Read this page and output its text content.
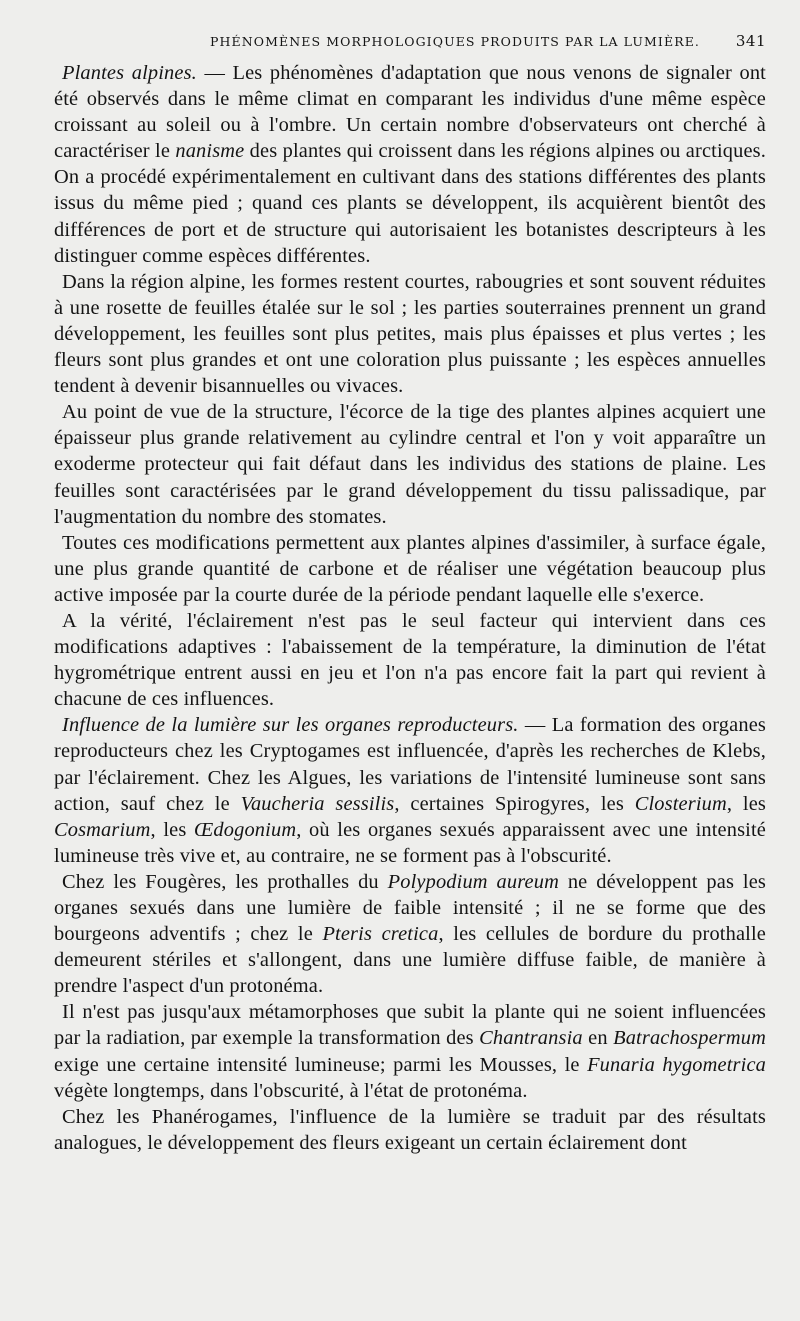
PHÉNOMÈNES MORPHOLOGIQUES PRODUITS PAR LA LUMIÈRE. 341

Plantes alpines. — Les phénomènes d'adaptation que nous venons de signaler ont été observés dans le même climat en comparant les individus d'une même espèce croissant au soleil ou à l'ombre. Un certain nombre d'observateurs ont cherché à caractériser le nanisme des plantes qui croissent dans les régions alpines ou arctiques. On a procédé expérimentalement en cultivant dans des stations différentes des plants issus du même pied ; quand ces plants se développent, ils acquièrent bientôt des différences de port et de structure qui autorisaient les botanistes descripteurs à les distinguer comme espèces différentes.

Dans la région alpine, les formes restent courtes, rabougries et sont souvent réduites à une rosette de feuilles étalée sur le sol ; les parties souterraines prennent un grand développement, les feuilles sont plus petites, mais plus épaisses et plus vertes ; les fleurs sont plus grandes et ont une coloration plus puissante ; les espèces annuelles tendent à devenir bisannuelles ou vivaces.

Au point de vue de la structure, l'écorce de la tige des plantes alpines acquiert une épaisseur plus grande relativement au cylindre central et l'on y voit apparaître un exoderme protecteur qui fait défaut dans les individus des stations de plaine. Les feuilles sont caractérisées par le grand développement du tissu palissadique, par l'augmentation du nombre des stomates.

Toutes ces modifications permettent aux plantes alpines d'assimiler, à surface égale, une plus grande quantité de carbone et de réaliser une végétation beaucoup plus active imposée par la courte durée de la période pendant laquelle elle s'exerce.

A la vérité, l'éclairement n'est pas le seul facteur qui intervient dans ces modifications adaptives : l'abaissement de la température, la diminution de l'état hygrométrique entrent aussi en jeu et l'on n'a pas encore fait la part qui revient à chacune de ces influences.

Influence de la lumière sur les organes reproducteurs. — La formation des organes reproducteurs chez les Cryptogames est influencée, d'après les recherches de Klebs, par l'éclairement. Chez les Algues, les variations de l'intensité lumineuse sont sans action, sauf chez le Vaucheria sessilis, certaines Spirogyres, les Closterium, les Cosmarium, les Œdogonium, où les organes sexués apparaissent avec une intensité lumineuse très vive et, au contraire, ne se forment pas à l'obscurité.

Chez les Fougères, les prothalles du Polypodium aureum ne développent pas les organes sexués dans une lumière de faible intensité ; il ne se forme que des bourgeons adventifs ; chez le Pteris cretica, les cellules de bordure du prothalle demeurent stériles et s'allongent, dans une lumière diffuse faible, de manière à prendre l'aspect d'un protonéma.

Il n'est pas jusqu'aux métamorphoses que subit la plante qui ne soient influencées par la radiation, par exemple la transformation des Chantransia en Batrachospermum exige une certaine intensité lumineuse; parmi les Mousses, le Funaria hygometrica végète longtemps, dans l'obscurité, à l'état de protonéma.

Chez les Phanérogames, l'influence de la lumière se traduit par des résultats analogues, le développement des fleurs exigeant un certain éclairement dont
